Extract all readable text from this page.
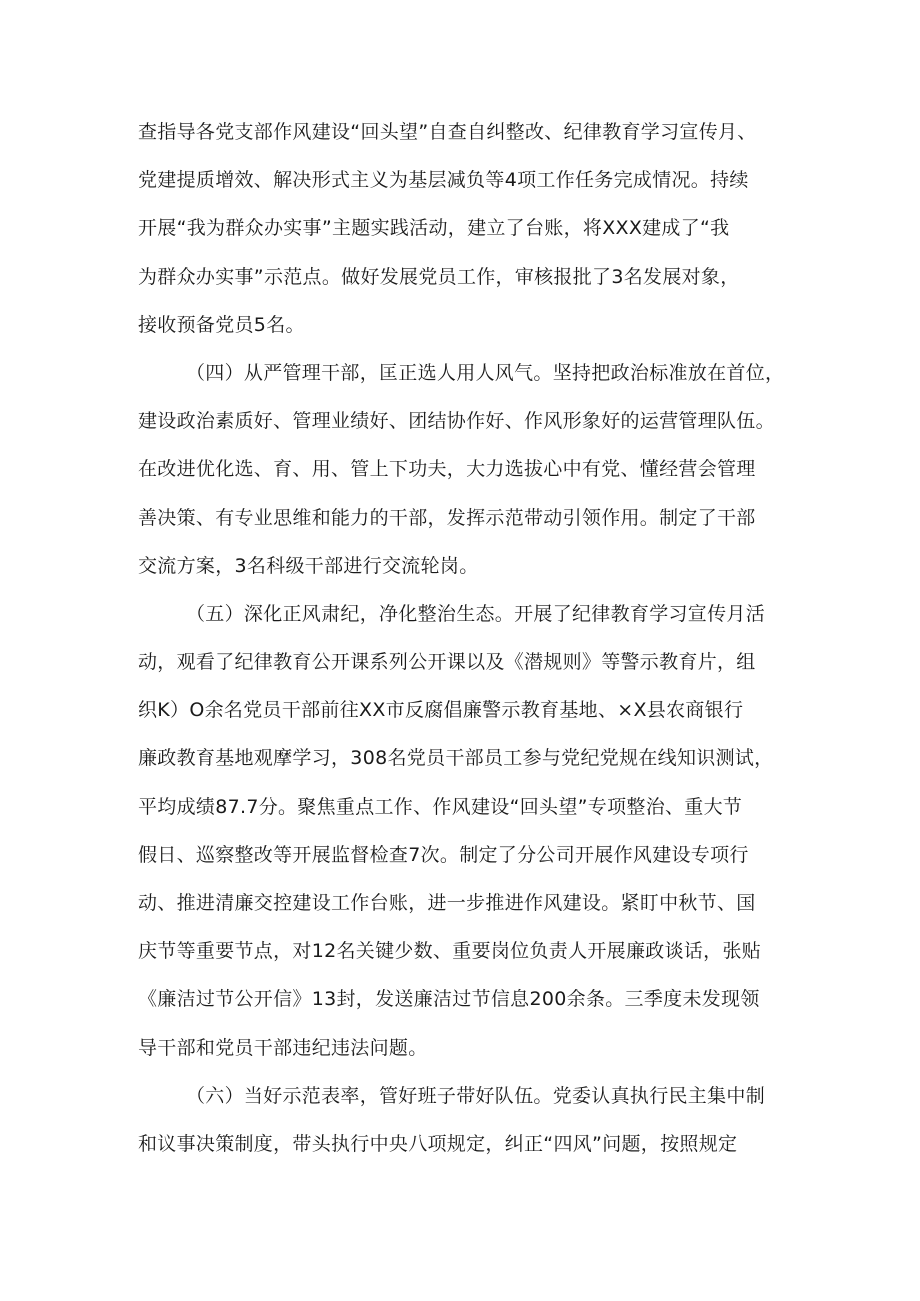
查指导各党支部作风建设“回头望”自查自纠整改、纪律教育学习宣传月、
党建提质增效、解决形式主义为基层减负等4项工作任务完成情况。持续
开展“我为群众办实事”主题实践活动，建立了台账，将XXX建成了“我
为群众办实事”示范点。做好发展党员工作，审核报批了3名发展对象，
接收预备党员5名。
（四）从严管理干部，匡正选人用人风气。坚持把政治标准放在首位，
建设政治素质好、管理业绩好、团结协作好、作风形象好的运营管理队伍。
在改进优化选、育、用、管上下功夫，大力选拔心中有党、懂经营会管理
善决策、有专业思维和能力的干部，发挥示范带动引领作用。制定了干部
交流方案，3名科级干部进行交流轮岗。
（五）深化正风肃纪，净化整治生态。开展了纪律教育学习宣传月活
动，观看了纪律教育公开课系列公开课以及《潜规则》等警示教育片，组
织K）O余名党员干部前往XX市反腐倡廉警示教育基地、×X县农商银行
廉政教育基地观摩学习，308名党员干部员工参与党纪党规在线知识测试，
平均成绩87.7分。聚焦重点工作、作风建设“回头望”专项整治、重大节
假日、巡察整改等开展监督检查7次。制定了分公司开展作风建设专项行
动、推进清廉交控建设工作台账，进一步推进作风建设。紧盯中秋节、国
庆节等重要节点，对12名关键少数、重要岗位负责人开展廉政谈话，张贴
《廉洁过节公开信》13封，发送廉洁过节信息200余条。三季度未发现领
导干部和党员干部违纪违法问题。
（六）当好示范表率，管好班子带好队伍。党委认真执行民主集中制
和议事决策制度，带头执行中央八项规定，纠正“四风”问题，按照规定
